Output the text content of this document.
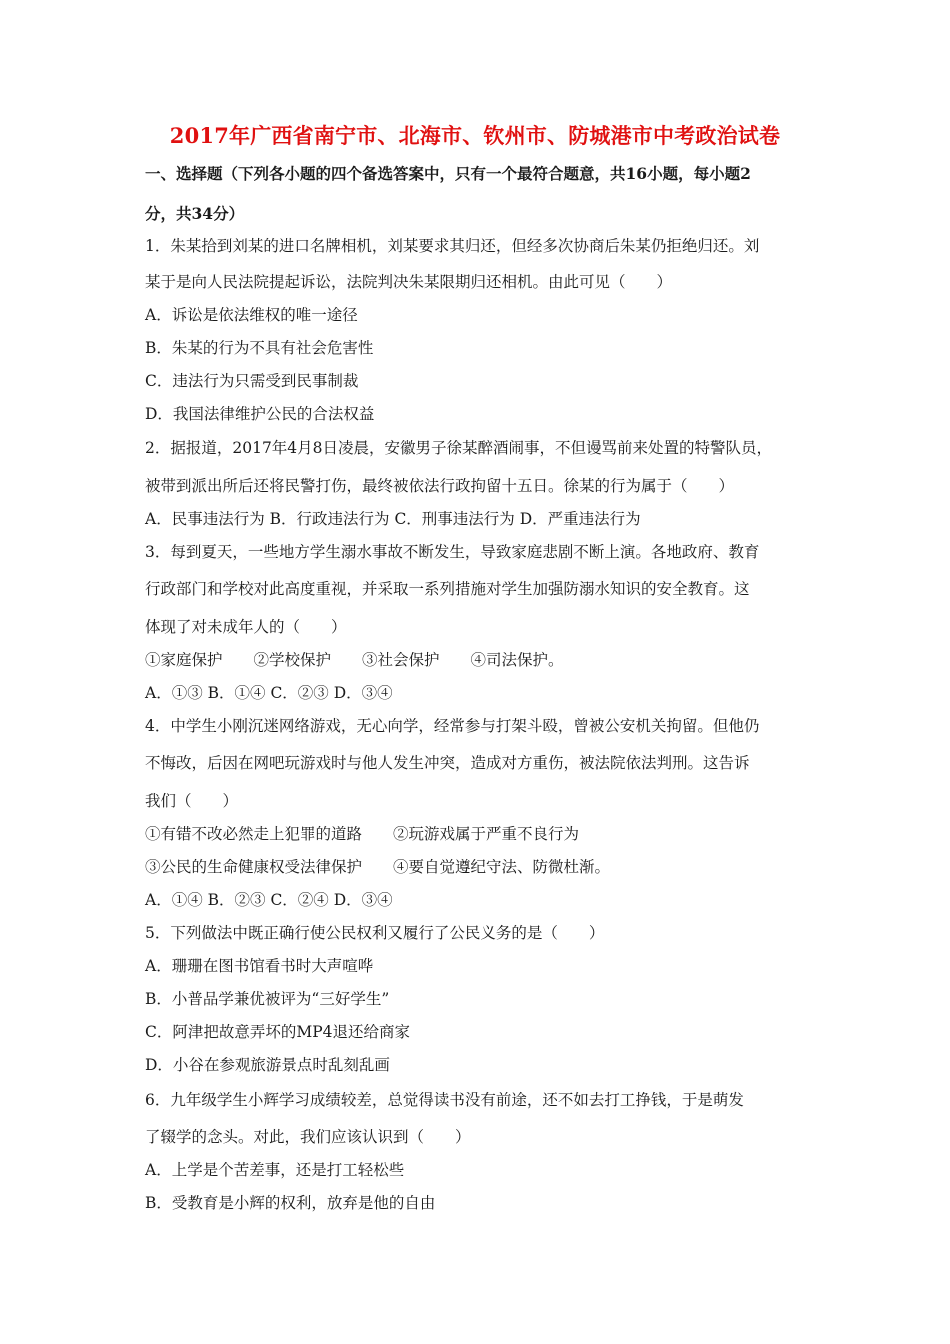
2017年广西省南宁市、北海市、钦州市、防城港市中考政治试卷
一、选择题（下列各小题的四个备选答案中，只有一个最符合题意，共16小题，每小题2
分，共34分）
1．朱某拾到刘某的进口名牌相机，刘某要求其归还，但经多次协商后朱某仍拒绝归还。刘
某于是向人民法院提起诉讼，法院判决朱某限期归还相机。由此可见（　　）
A．诉讼是依法维权的唯一途径
B．朱某的行为不具有社会危害性
C．违法行为只需受到民事制裁
D．我国法律维护公民的合法权益
2．据报道，2017年4月8日凌晨，安徽男子徐某醉酒闹事，不但谩骂前来处置的特警队员，
被带到派出所后还将民警打伤，最终被依法行政拘留十五日。徐某的行为属于（　　）
A．民事违法行为 B．行政违法行为 C．刑事违法行为 D．严重违法行为
3．每到夏天，一些地方学生溺水事故不断发生，导致家庭悲剧不断上演。各地政府、教育
行政部门和学校对此高度重视，并采取一系列措施对学生加强防溺水知识的安全教育。这
体现了对未成年人的（　　）
①家庭保护　　②学校保护　　③社会保护　　④司法保护。
A．①③ B．①④ C．②③ D．③④
4．中学生小刚沉迷网络游戏，无心向学，经常参与打架斗殴，曾被公安机关拘留。但他仍
不悔改，后因在网吧玩游戏时与他人发生冲突，造成对方重伤，被法院依法判刑。这告诉
我们（　　）
①有错不改必然走上犯罪的道路　　②玩游戏属于严重不良行为
③公民的生命健康权受法律保护　　④要自觉遵纪守法、防微杜渐。
A．①④ B．②③ C．②④ D．③④
5．下列做法中既正确行使公民权利又履行了公民义务的是（　　）
A．珊珊在图书馆看书时大声喧哗
B．小普品学兼优被评为“三好学生”
C．阿津把故意弄坏的MP4退还给商家
D．小谷在参观旅游景点时乱刻乱画
6．九年级学生小辉学习成绩较差，总觉得读书没有前途，还不如去打工挣钱，于是萌发
了辍学的念头。对此，我们应该认识到（　　）
A．上学是个苦差事，还是打工轻松些
B．受教育是小辉的权利，放弃是他的自由
